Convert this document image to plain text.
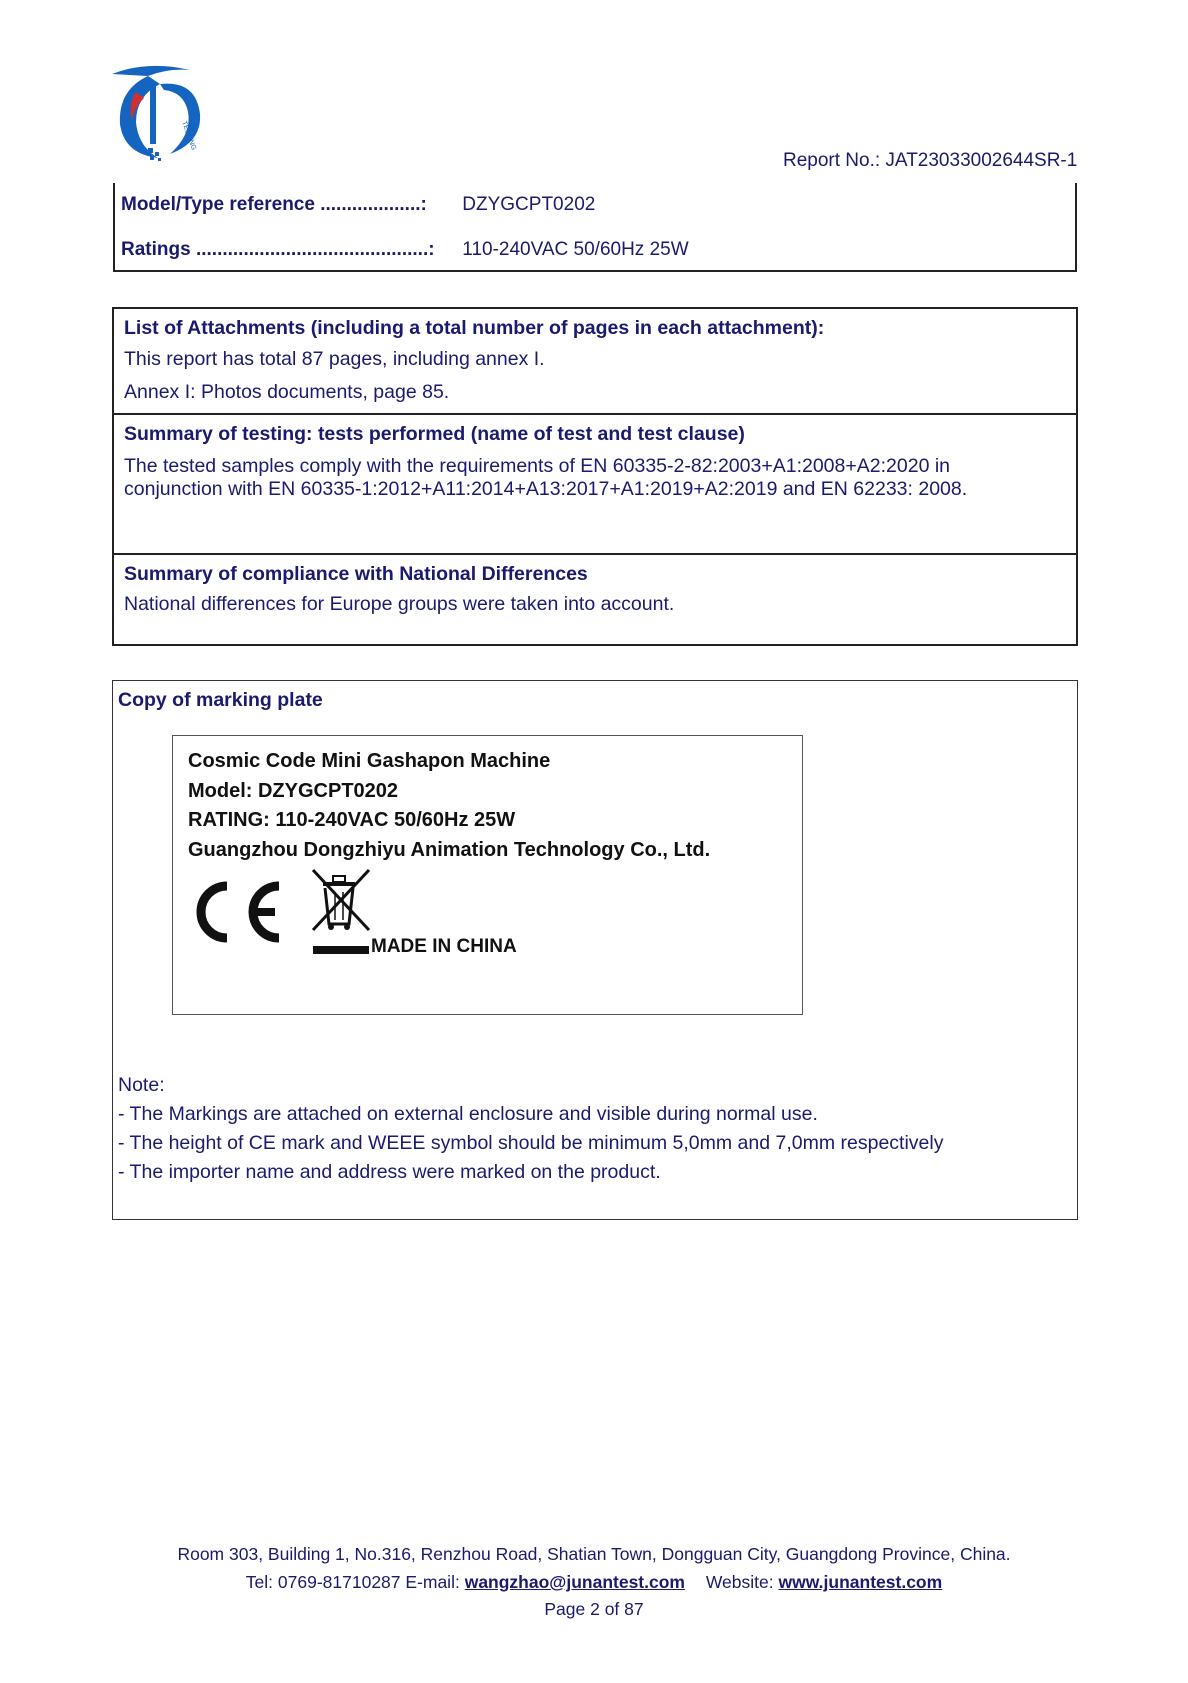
TESTING
Report No.: JAT23033002644SR-1
Model/Type reference ...................: DZYGCPT0202
Ratings ............................................: 110-240VAC 50/60Hz 25W
List of Attachments (including a total number of pages in each attachment):
This report has total 87 pages, including annex I.
Annex I: Photos documents, page 85.
Summary of testing: tests performed (name of test and test clause)
The tested samples comply with the requirements of EN 60335-2-82:2003+A1:2008+A2:2020 in
conjunction with EN 60335-1:2012+A11:2014+A13:2017+A1:2019+A2:2019 and EN 62233: 2008.
Summary of compliance with National Differences
National differences for Europe groups were taken into account.
Copy of marking plate
Cosmic Code Mini Gashapon Machine
Model: DZYGCPT0202
RATING: 110-240VAC 50/60Hz 25W
Guangzhou Dongzhiyu Animation Technology Co., Ltd.
MADE IN CHINA
Note:
- The Markings are attached on external enclosure and visible during normal use.
- The height of CE mark and WEEE symbol should be minimum 5,0mm and 7,0mm respectively
- The importer name and address were marked on the product.
Room 303, Building 1, No.316, Renzhou Road, Shatian Town, Dongguan City, Guangdong Province, China.
Tel: 0769-81710287 E-mail: wangzhao@junantest.com Website: www.junantest.com
Page 2 of 87
